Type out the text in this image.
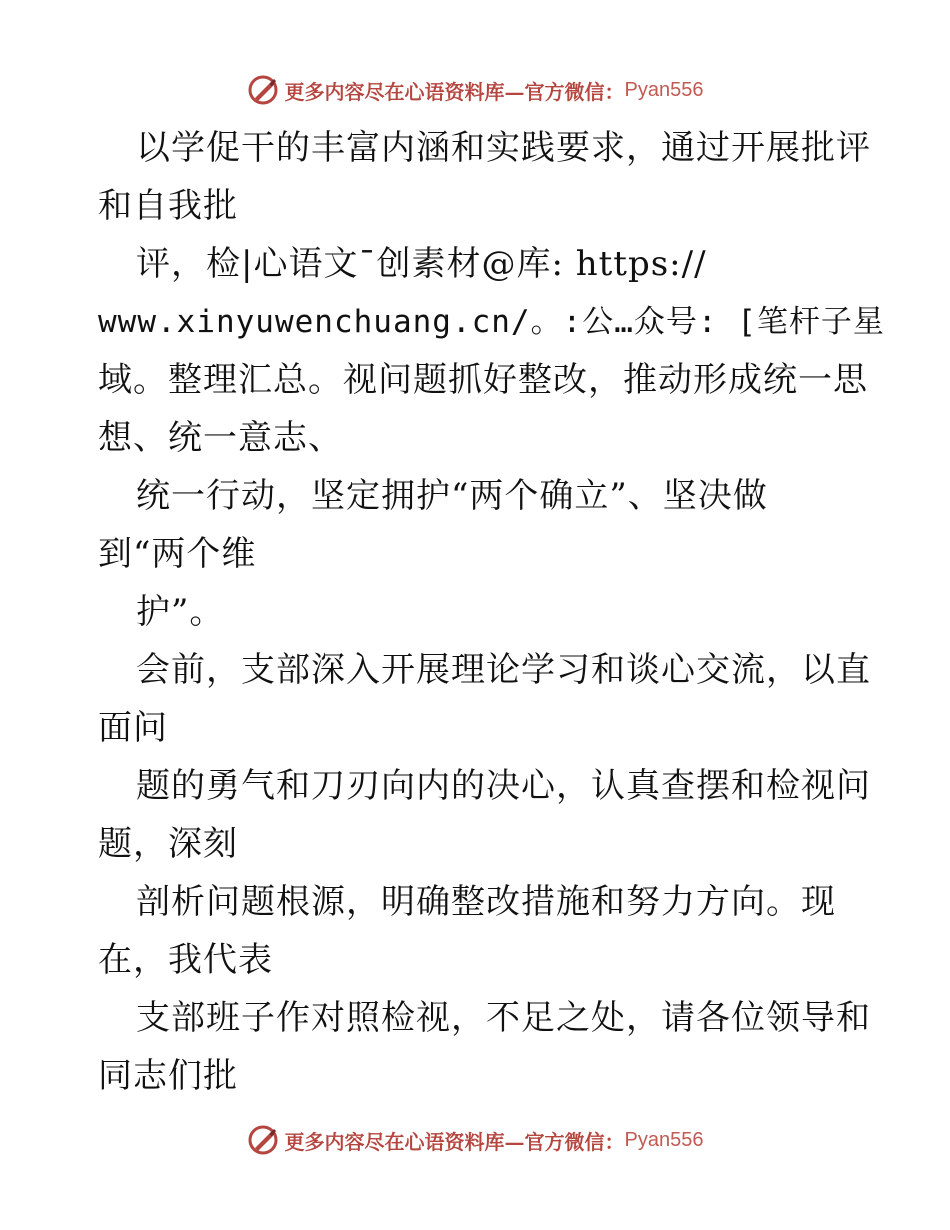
更多内容尽在心语资料库—官方微信： Pyan556
以学促干的丰富内涵和实践要求，通过开展批评
和自我批
评，检|心语文¯创素材@库: https://
www.xinyuwenchuang.cn/。:公…众号: [笔杆子星
域。整理汇总。视问题抓好整改，推动形成统一思
想、统一意志、
统一行动，坚定拥护“两个确立”、坚决做
到“两个维
护”。
会前，支部深入开展理论学习和谈心交流，以直
面问
题的勇气和刀刃向内的决心，认真查摆和检视问
题，深刻
剖析问题根源，明确整改措施和努力方向。现
在，我代表
支部班子作对照检视，不足之处，请各位领导和
同志们批
更多内容尽在心语资料库—官方微信： Pyan556
